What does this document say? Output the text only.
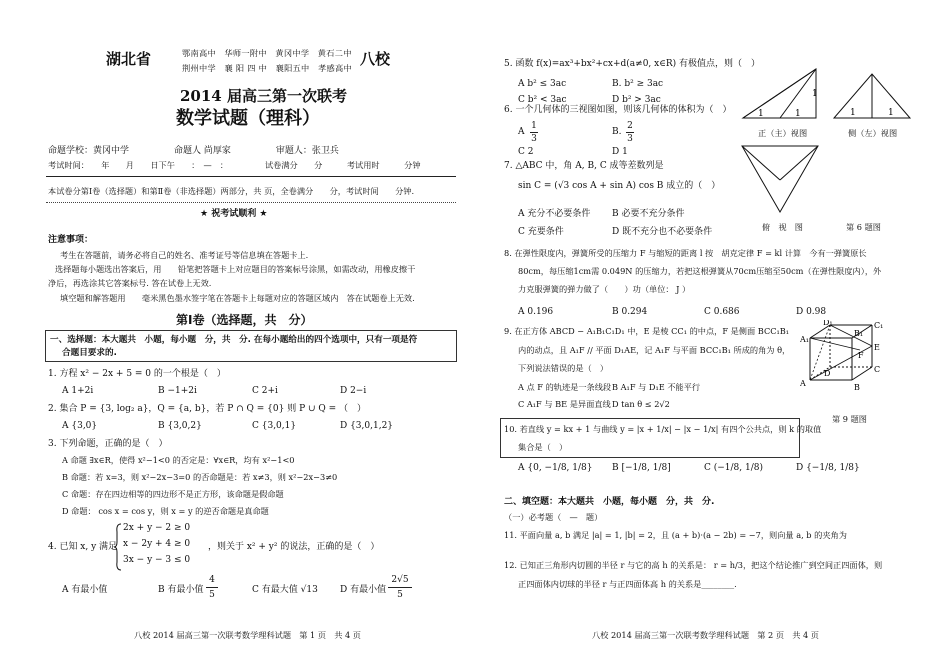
湖北省	鄂南高中　华师一附中　黄冈中学　黄石二中
荆州中学　襄 阳 四 中　襄阳五中　孝感高中 八校
2014 届高三第一次联考
数学试题（理科）
命题学校：黄冈中学　　　　　命题人 尚厚家　　　　　审题人：张卫兵
考试时间：　　年　　月　　日下午　　：　—　：　　　　　试卷满分　　分　　　考试用时　　　分钟
本试卷分第Ⅰ卷（选择题）和第Ⅱ卷（非选择题）两部分，共 页，全卷满分　　分，考试时间　　分钟.
★ 祝考试顺利 ★
注意事项：
考生在答题前，请务必将自己的姓名、准考证号等信息填在答题卡上.
选择题每小题选出答案后，用　　铅笔把答题卡上对应题目的答案标号涂黑，如需改动，用橡皮擦干
净后，再选涂其它答案标号. 答在试卷上无效.
填空题和解答题用　　毫米黑色墨水签字笔在答题卡上每题对应的答题区域内　答在试题卷上无效.
第Ⅰ卷（选择题，共　分）
一、选择题：本大题共　小题，每小题　分，共　分. 在每小题给出的四个选项中，只有一项是符
合题目要求的.
1. 方程 x² − 2x + 5 = 0 的一个根是（　）
A 1+2i	B −1+2i	C 2+i	D 2−i
2. 集合 P = {3, log₂ a}，Q = {a, b}，若 P ∩ Q = {0} 则 P ∪ Q = （　）
A {3,0}	B {3,0,2}	C {3,0,1}	D {3,0,1,2}
3. 下列命题，正确的是（　）
A 命题 ∃x∈R，使得 x²−1<0 的否定是：∀x∈R，均有 x²−1<0
B 命题：若 x=3，则 x²−2x−3=0 的否命题是：若 x≠3，则 x²−2x−3≠0
C 命题：存在四边相等的四边形不是正方形，该命题是假命题
D 命题： cos x = cos y，则 x = y 的逆否命题是真命题
4. 已知 x, y 满足
2x + y − 2 ≥ 0
x − 2y + 4 ≥ 0
3x − y − 3 ≤ 0
，则关于 x² + y² 的说法，正确的是（　）
A 有最小值	B 有最小值
4
5	C 有最大值 √13 D 有最小值
2√5
5
八校 2014 届高三第一次联考数学理科试题　第 1 页　共 4 页
5. 函数 f(x)=ax³+bx²+cx+d(a≠0, x∈R) 有极值点，则（　）
A b² ≤ 3ac	B. b² ≥ 3ac
C b² < 3ac	D b² > 3ac
6. 一个几何体的三视图如图，则该几何体的体积为（　）
A
1
3
B.
2
3
C 2	D 1
1	1
1
正（主）视图
1	1
侧（左）视图
俯　视　图	第 6 题图
7. △ABC 中，角 A, B, C 成等差数列是
sin C = (√3 cos A + sin A) cos B 成立的（　）
A 充分不必要条件 B 必要不充分条件
C 充要条件	D 既不充分也不必要条件
8. 在弹性限度内，弹簧所受的压缩力 F 与缩短的距离 l 按　胡克定律 F = kl 计算　今有一弹簧原长
80cm，每压缩1cm需 0.049N 的压缩力，若把这根弹簧从70cm压缩至50cm（在弹性限度内），外
力克服弹簧的弹力做了（　　）功（单位： J ）
A 0.196	B 0.294	C 0.686	D 0.98
9. 在正方体 ABCD − A₁B₁C₁D₁ 中，E 是棱 CC₁ 的中点，F 是侧面 BCC₁B₁
内的动点，且 A₁F // 平面 D₁AE，记 A₁F 与平面 BCC₁B₁ 所成的角为 θ，
下列说法错误的是（　）
A 点 F 的轨迹是一条线段 B A₁F 与 D₁E 不能平行
C A₁F 与 BE 是异面直线 D tan θ ≤ 2√2
D₁	C₁
A₁
B₁
E
F
D	C
A	B
第 9 题图
10. 若直线 y = kx + 1 与曲线 y = |x + 1/x| − |x − 1/x| 有四个公共点，则 k 的取值
集合是（　）
A {0, −1/8, 1/8} B [−1/8, 1/8]	C (−1/8, 1/8)	D {−1/8, 1/8}
二、填空题：本大题共　小题，每小题　分，共　分.
（一）必考题（　—　题）
11. 平面向量 a, b 满足 |a| = 1, |b| = 2，且 (a + b)·(a − 2b) = −7，则向量 a, b 的夹角为
12. 已知正三角形内切圆的半径 r 与它的高 h 的关系是： r = h/3，把这个结论推广到空间正四面体，则
正四面体内切球的半径 r 与正四面体高 h 的关系是________.
八校 2014 届高三第一次联考数学理科试题　第 2 页　共 4 页
